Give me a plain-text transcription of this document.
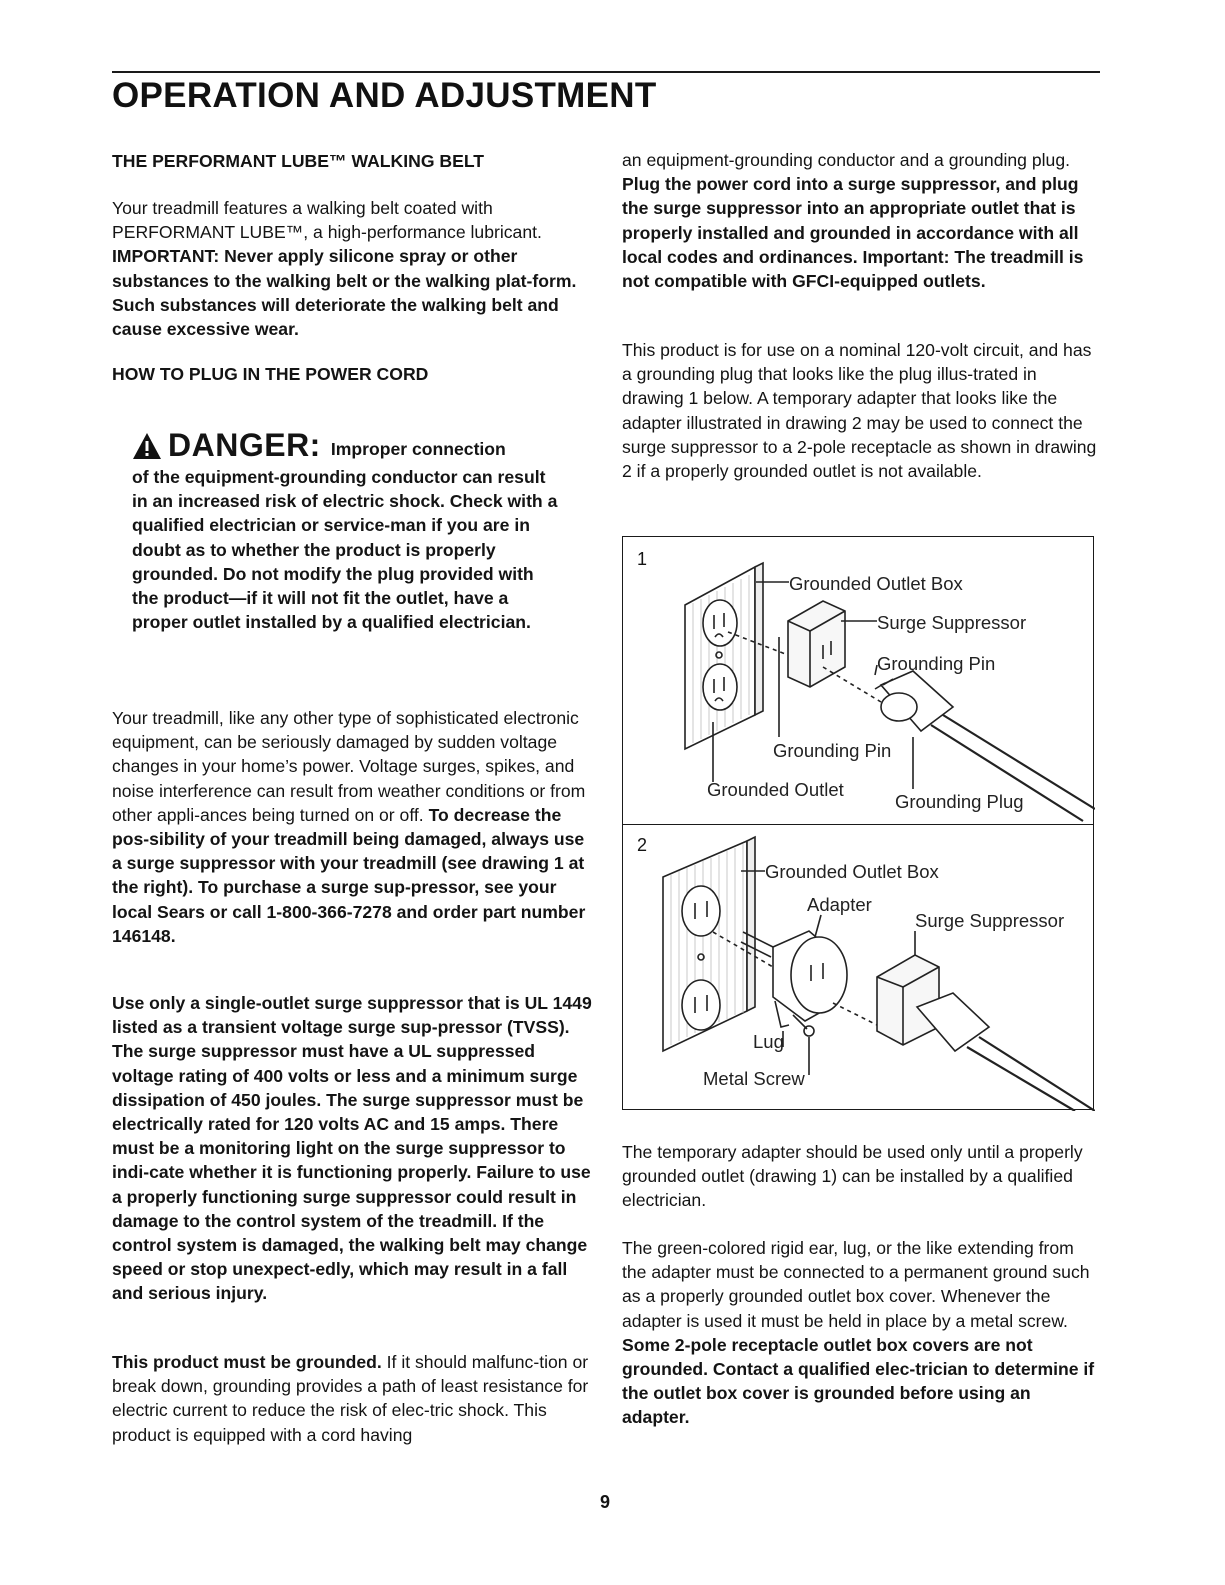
OPERATION AND ADJUSTMENT
THE PERFORMANT LUBE™ WALKING BELT
Your treadmill features a walking belt coated with PERFORMANT LUBE™, a high-performance lubricant. IMPORTANT: Never apply silicone spray or other substances to the walking belt or the walking plat-form. Such substances will deteriorate the walking belt and cause excessive wear.
HOW TO PLUG IN THE POWER CORD
DANGER: Improper connection
of the equipment-grounding conductor can result in an increased risk of electric shock. Check with a qualified electrician or service-man if you are in doubt as to whether the product is properly grounded. Do not modify the plug provided with the product—if it will not fit the outlet, have a proper outlet installed by a qualified electrician.
Your treadmill, like any other type of sophisticated electronic equipment, can be seriously damaged by sudden voltage changes in your home’s power. Voltage surges, spikes, and noise interference can result from weather conditions or from other appli-ances being turned on or off. To decrease the pos-sibility of your treadmill being damaged, always use a surge suppressor with your treadmill (see drawing 1 at the right). To purchase a surge sup-pressor, see your local Sears or call 1-800-366-7278 and order part number 146148.
Use only a single-outlet surge suppressor that is UL 1449 listed as a transient voltage surge sup-pressor (TVSS). The surge suppressor must have a UL suppressed voltage rating of 400 volts or less and a minimum surge dissipation of 450 joules. The surge suppressor must be electrically rated for 120 volts AC and 15 amps. There must be a monitoring light on the surge suppressor to indi-cate whether it is functioning properly. Failure to use a properly functioning surge suppressor could result in damage to the control system of the treadmill. If the control system is damaged, the walking belt may change speed or stop unexpect-edly, which may result in a fall and serious injury.
This product must be grounded. If it should malfunc-tion or break down, grounding provides a path of least resistance for electric current to reduce the risk of elec-tric shock. This product is equipped with a cord having
an equipment-grounding conductor and a grounding plug. Plug the power cord into a surge suppressor, and plug the surge suppressor into an appropriate outlet that is properly installed and grounded in accordance with all local codes and ordinances. Important: The treadmill is not compatible with GFCI-equipped outlets.
This product is for use on a nominal 120-volt circuit, and has a grounding plug that looks like the plug illus-trated in drawing 1 below. A temporary adapter that looks like the adapter illustrated in drawing 2 may be used to connect the surge suppressor to a 2-pole receptacle as shown in drawing 2 if a properly grounded outlet is not available.
1
Grounded Outlet Box
Surge Suppressor
Grounding Pin
Grounding Pin
Grounded Outlet
Grounding Plug
2
Grounded Outlet Box
Adapter
Surge Suppressor
Lug
Metal Screw
The temporary adapter should be used only until a properly grounded outlet (drawing 1) can be installed by a qualified electrician.
The green-colored rigid ear, lug, or the like extending from the adapter must be connected to a permanent ground such as a properly grounded outlet box cover. Whenever the adapter is used it must be held in place by a metal screw. Some 2-pole receptacle outlet box covers are not grounded. Contact a qualified elec-trician to determine if the outlet box cover is grounded before using an adapter.
9
